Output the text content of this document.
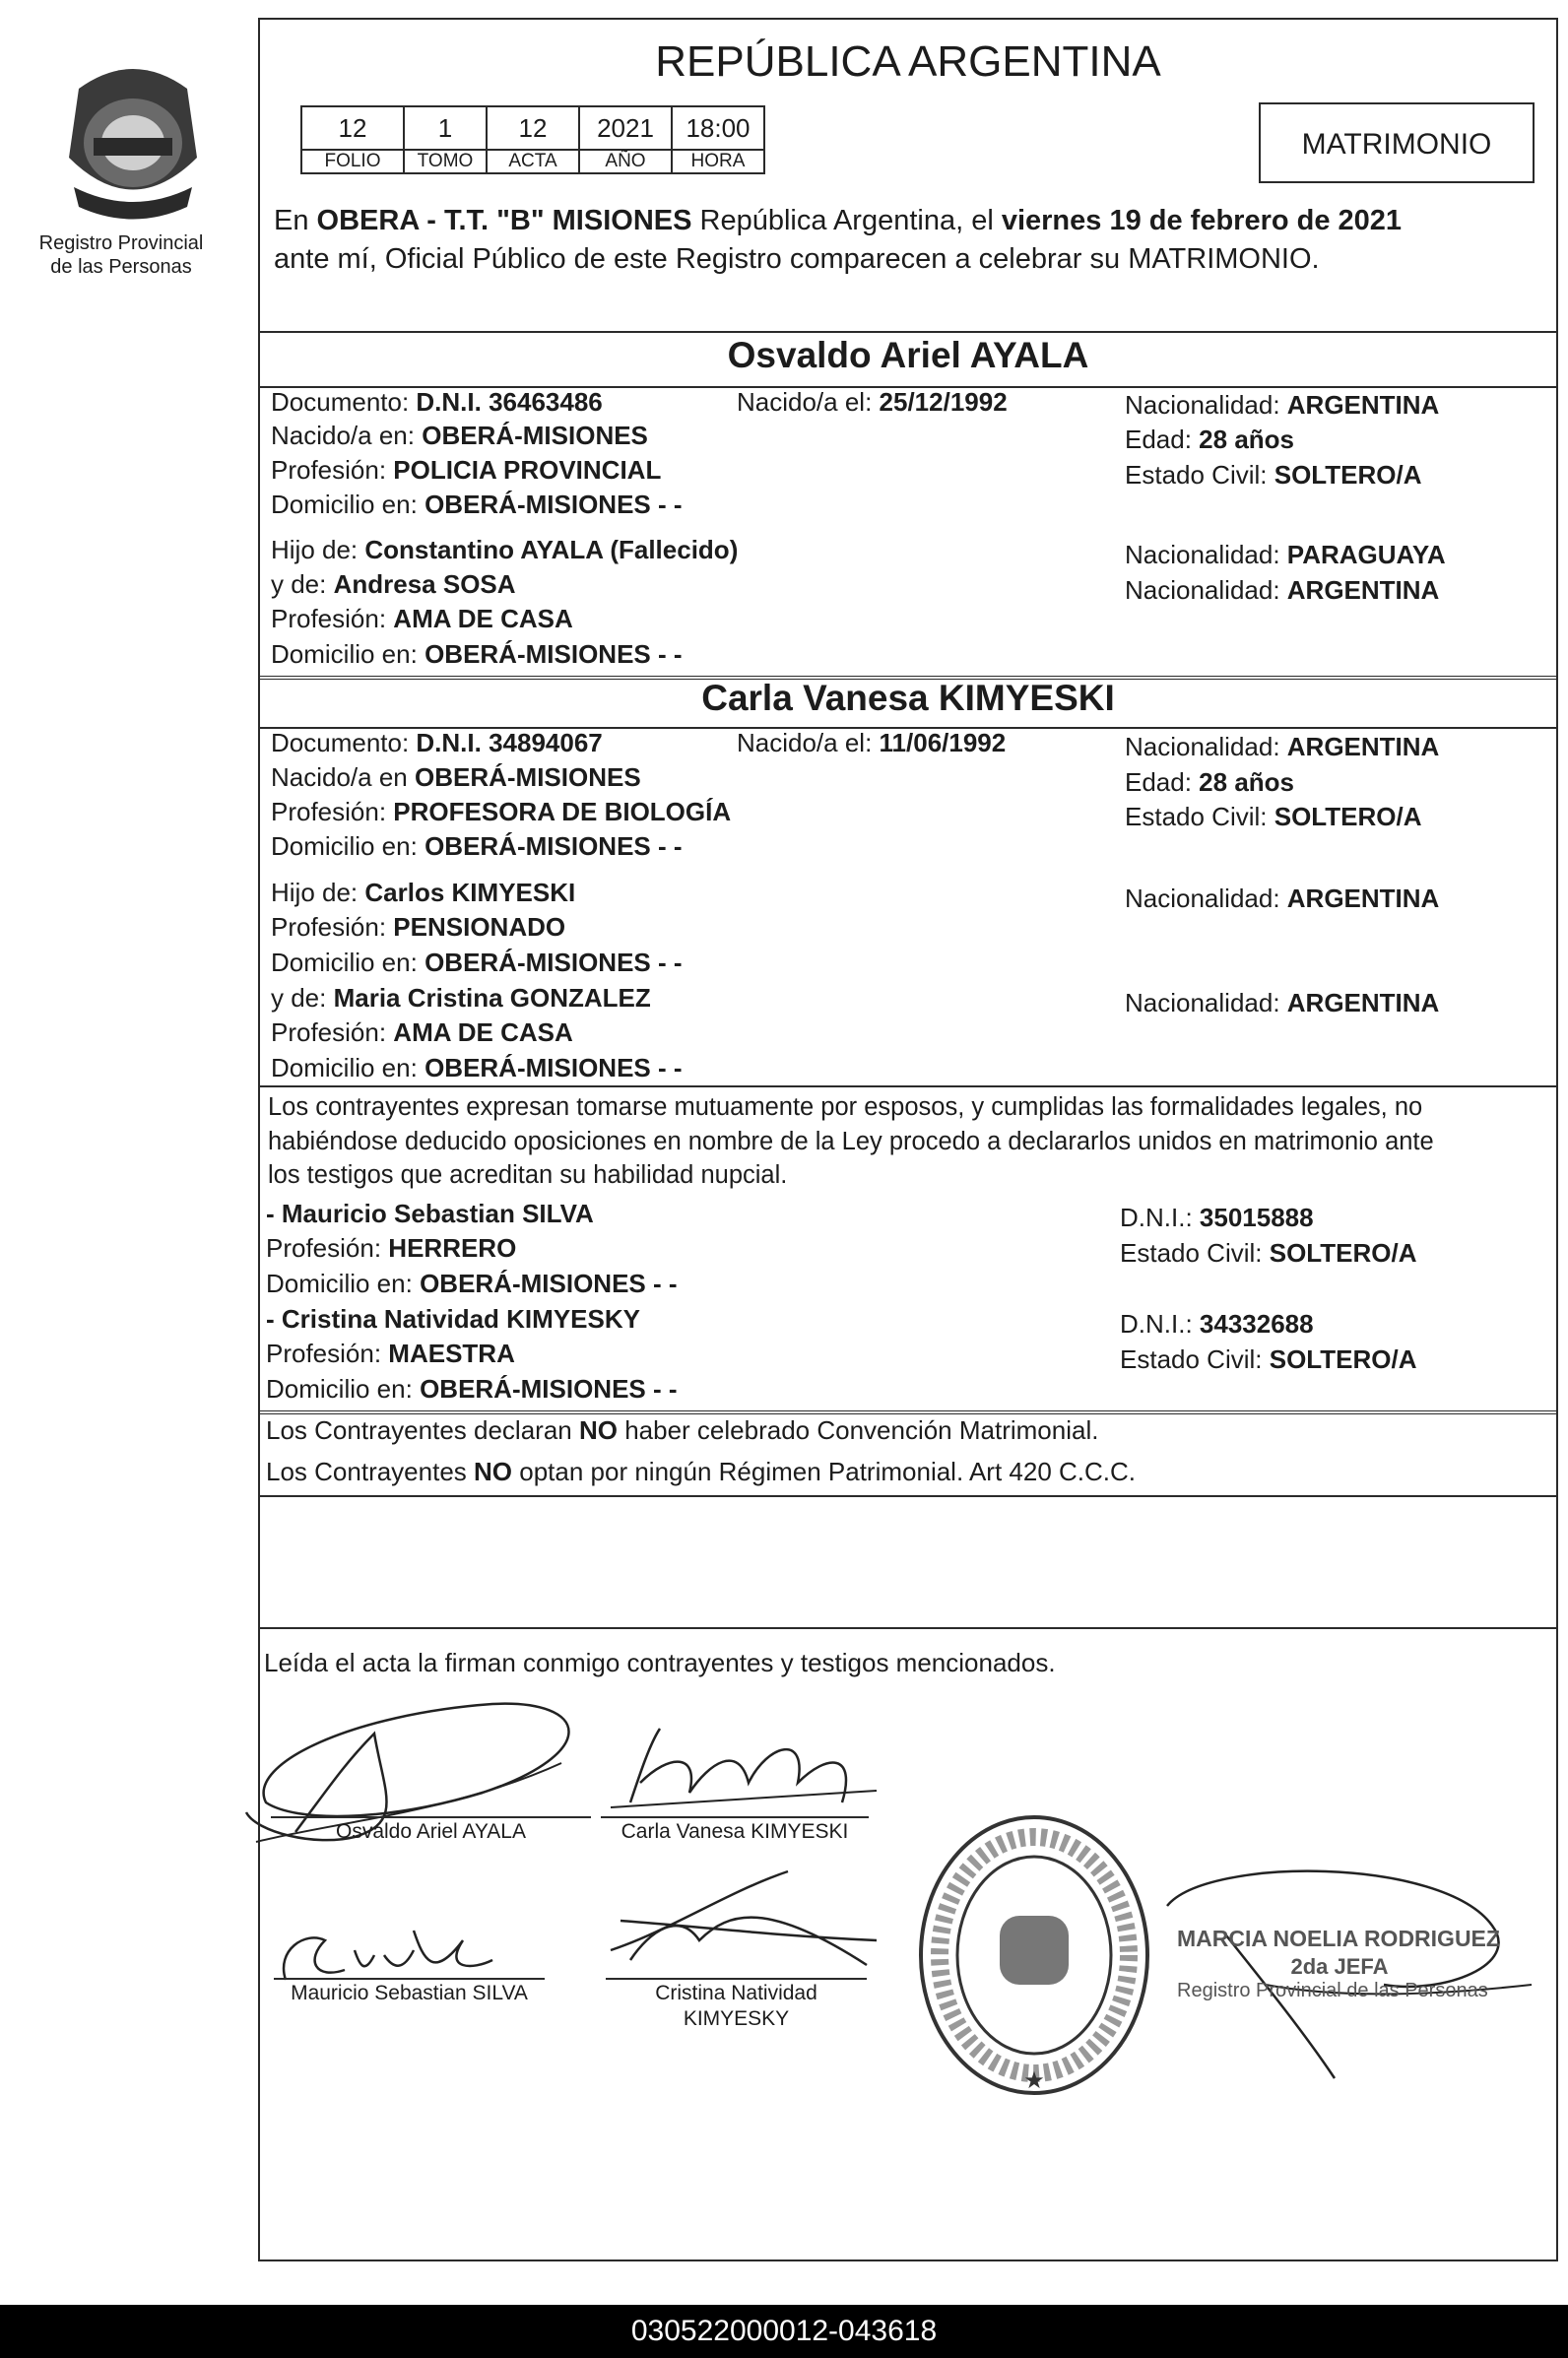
Registro Provincial
de las Personas
REPÚBLICA ARGENTINA
12	1	12	2021	18:00
FOLIO	TOMO	ACTA	AÑO	HORA
MATRIMONIO
En OBERA - T.T. "B" MISIONES República Argentina, el viernes 19 de febrero de 2021
ante mí, Oficial Público de este Registro comparecen a celebrar su MATRIMONIO.
Osvaldo Ariel AYALA
Documento: D.N.I. 36463486	Nacido/a el: 25/12/1992	Nacionalidad: ARGENTINA
Nacido/a en: OBERÁ-MISIONES	Edad: 28 años
Profesión: POLICIA PROVINCIAL	Estado Civil: SOLTERO/A
Domicilio en: OBERÁ-MISIONES - -
Hijo de: Constantino AYALA (Fallecido)	Nacionalidad: PARAGUAYA
y de: Andresa SOSA	Nacionalidad: ARGENTINA
Profesión: AMA DE CASA
Domicilio en: OBERÁ-MISIONES - -
Carla Vanesa KIMYESKI
Documento: D.N.I. 34894067	Nacido/a el: 11/06/1992	Nacionalidad: ARGENTINA
Nacido/a en OBERÁ-MISIONES	Edad: 28 años
Profesión: PROFESORA DE BIOLOGÍA	Estado Civil: SOLTERO/A
Domicilio en: OBERÁ-MISIONES - -
Hijo de: Carlos KIMYESKI	Nacionalidad: ARGENTINA
Profesión: PENSIONADO
Domicilio en: OBERÁ-MISIONES - -
y de: Maria Cristina GONZALEZ	Nacionalidad: ARGENTINA
Profesión: AMA DE CASA
Domicilio en: OBERÁ-MISIONES - -
Los contrayentes expresan tomarse mutuamente por esposos, y cumplidas las formalidades legales, no
habiéndose deducido oposiciones en nombre de la Ley procedo a declararlos unidos en matrimonio ante
los testigos que acreditan su habilidad nupcial.
- Mauricio Sebastian SILVA	D.N.I.: 35015888
Profesión: HERRERO	Estado Civil: SOLTERO/A
Domicilio en: OBERÁ-MISIONES - -
- Cristina Natividad KIMYESKY	D.N.I.: 34332688
Profesión: MAESTRA	Estado Civil: SOLTERO/A
Domicilio en: OBERÁ-MISIONES - -
Los Contrayentes declaran NO haber celebrado Convención Matrimonial.
Los Contrayentes NO optan por ningún Régimen Patrimonial. Art 420 C.C.C.
Leída el acta la firman conmigo contrayentes y testigos mencionados.
Osvaldo Ariel AYALA	Carla Vanesa KIMYESKI
Mauricio Sebastian SILVA	Cristina Natividad
KIMYESKY
★
MARCIA NOELIA RODRIGUEZ
2da JEFA
Registro Provincial de las Personas
030522000012-043618
